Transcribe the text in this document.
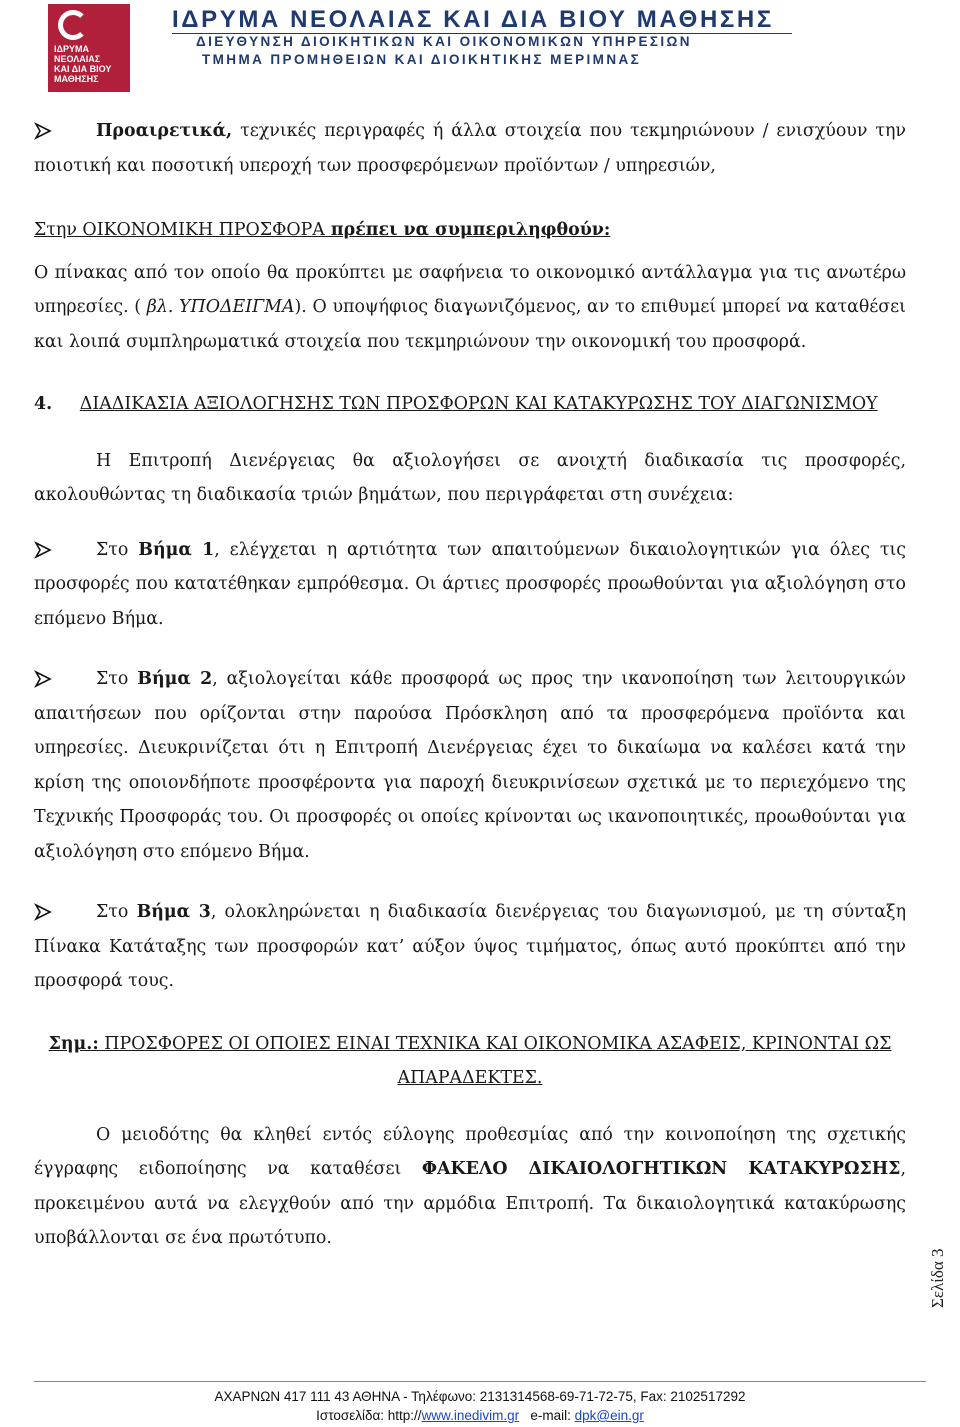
ΙΔΡΥΜΑ
ΝΕΟΛΑΙΑΣ
ΚΑΙ ΔΙΑ ΒΙΟΥ
ΜΑΘΗΣΗΣ
ΙΔΡΥΜΑ ΝΕΟΛΑΙΑΣ ΚΑΙ ΔΙΑ ΒΙΟΥ ΜΑΘΗΣΗΣ
ΔΙΕΥΘΥΝΣΗ ΔΙΟΙΚΗΤΙΚΩΝ ΚΑΙ ΟΙΚΟΝΟΜΙΚΩΝ ΥΠΗΡΕΣΙΩΝ
ΤΜΗΜΑ ΠΡΟΜΗΘΕΙΩΝ ΚΑΙ ΔΙΟΙΚΗΤΙΚΗΣ ΜΕΡΙΜΝΑΣ

Προαιρετικά, τεχνικές περιγραφές ή άλλα στοιχεία που τεκμηριώνουν / ενισχύουν την ποιοτική και ποσοτική υπεροχή των προσφερόμενων προϊόντων / υπηρεσιών,

Στην ΟΙΚΟΝΟΜΙΚΗ ΠΡΟΣΦΟΡΑ πρέπει να συμπεριληφθούν:

Ο πίνακας από τον οποίο θα προκύπτει με σαφήνεια το οικονομικό αντάλλαγμα για τις ανωτέρω υπηρεσίες. ( βλ. ΥΠΟΔΕΙΓΜΑ). Ο υποψήφιος διαγωνιζόμενος, αν το επιθυμεί μπορεί να καταθέσει και λοιπά συμπληρωματικά στοιχεία που τεκμηριώνουν την οικονομική του προσφορά.

4. ΔΙΑΔΙΚΑΣΙΑ ΑΞΙΟΛΟΓΗΣΗΣ ΤΩΝ ΠΡΟΣΦΟΡΩΝ ΚΑΙ ΚΑΤΑΚΥΡΩΣΗΣ ΤΟΥ ΔΙΑΓΩΝΙΣΜΟΥ

Η Επιτροπή Διενέργειας θα αξιολογήσει σε ανοιχτή διαδικασία τις προσφορές, ακολουθώντας τη διαδικασία τριών βημάτων, που περιγράφεται στη συνέχεια:

Στο Βήμα 1, ελέγχεται η αρτιότητα των απαιτούμενων δικαιολογητικών για όλες τις προσφορές που κατατέθηκαν εμπρόθεσμα. Οι άρτιες προσφορές προωθούνται για αξιολόγηση στο επόμενο Βήμα.

Στο Βήμα 2, αξιολογείται κάθε προσφορά ως προς την ικανοποίηση των λειτουργικών απαιτήσεων που ορίζονται στην παρούσα Πρόσκληση από τα προσφερόμενα προϊόντα και υπηρεσίες. Διευκρινίζεται ότι η Επιτροπή Διενέργειας έχει το δικαίωμα να καλέσει κατά την κρίση της οποιονδήποτε προσφέροντα για παροχή διευκρινίσεων σχετικά με το περιεχόμενο της Τεχνικής Προσφοράς του. Οι προσφορές οι οποίες κρίνονται ως ικανοποιητικές, προωθούνται για αξιολόγηση στο επόμενο Βήμα.

Στο Βήμα 3, ολοκληρώνεται η διαδικασία διενέργειας του διαγωνισμού, με τη σύνταξη Πίνακα Κατάταξης των προσφορών κατ’ αύξον ύψος τιμήματος, όπως αυτό προκύπτει από την προσφορά τους.

Σημ.: ΠΡΟΣΦΟΡΕΣ ΟΙ ΟΠΟΙΕΣ ΕΙΝΑΙ ΤΕΧΝΙΚΑ ΚΑΙ ΟΙΚΟΝΟΜΙΚΑ ΑΣΑΦΕΙΣ, ΚΡΙΝΟΝΤΑΙ ΩΣ ΑΠΑΡΑΔΕΚΤΕΣ.

Ο μειοδότης θα κληθεί εντός εύλογης προθεσμίας από την κοινοποίηση της σχετικής έγγραφης ειδοποίησης να καταθέσει ΦΑΚΕΛΟ ΔΙΚΑΙΟΛΟΓΗΤΙΚΩΝ ΚΑΤΑΚΥΡΩΣΗΣ, προκειμένου αυτά να ελεγχθούν από την αρμόδια Επιτροπή. Τα δικαιολογητικά κατακύρωσης υποβάλλονται σε ένα πρωτότυπο.

Σελίδα 3
ΑΧΑΡΝΩΝ 417 111 43 ΑΘΗΝΑ - Τηλέφωνο: 2131314568-69-71-72-75, Fax: 2102517292
Ιστοσελίδα: http://www.inedivim.gr   e-mail: dpk@ein.gr
